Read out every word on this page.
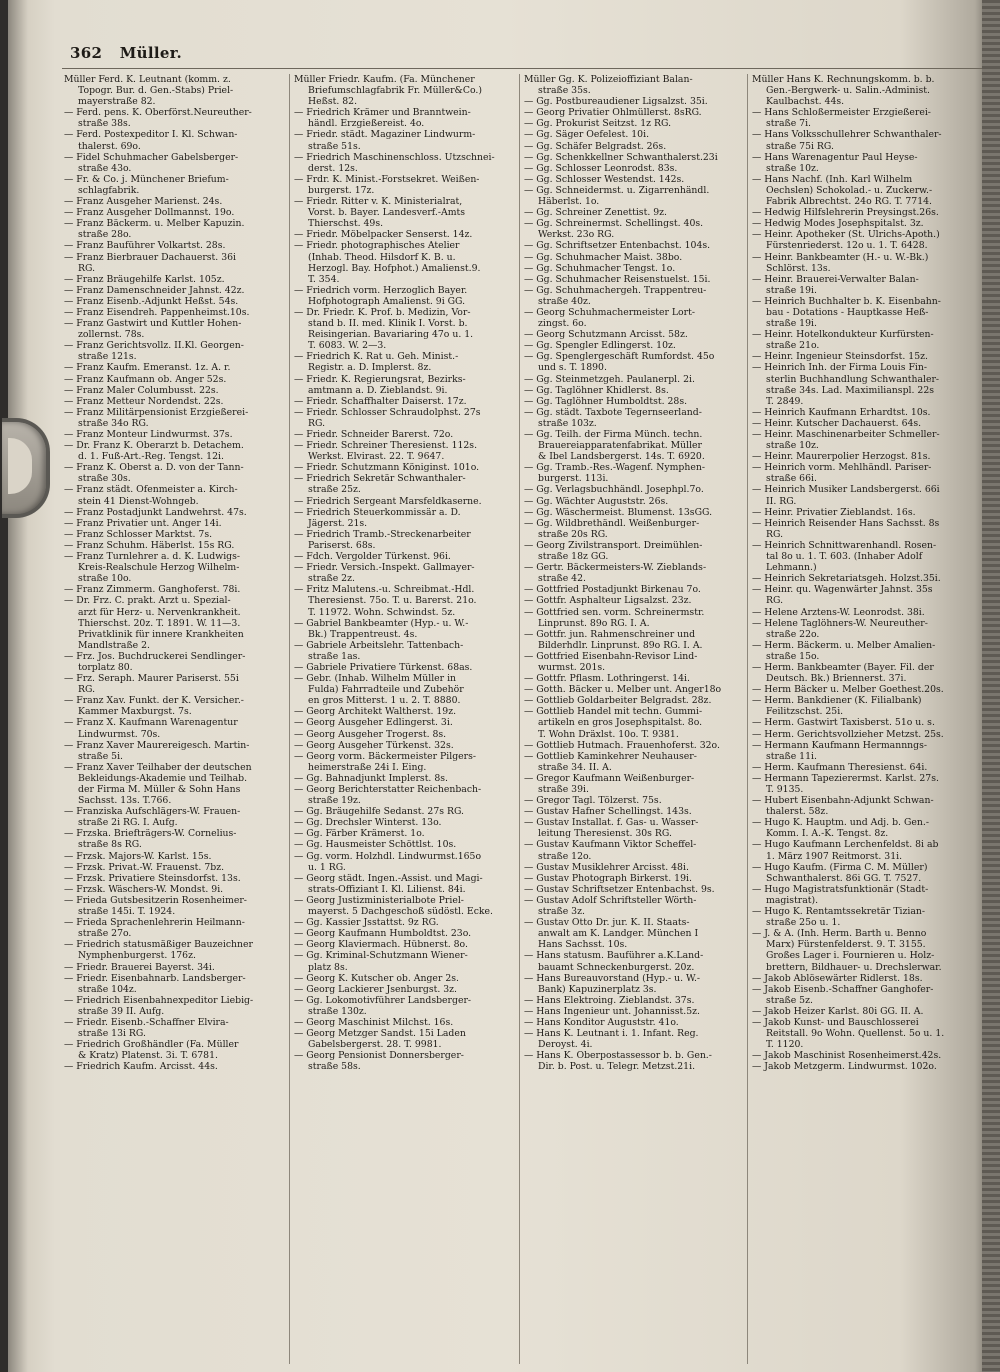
362 Müller.
Müller Ferd. K. Leutnant (komm. z.
Topogr. Bur. d. Gen.-Stabs) Priel-
mayerstraße 82.
— Ferd. pens. K. Oberförst.Neureuther-
straße 38s.
— Ferd. Postexpeditor I. Kl. Schwan-
thalerst. 69o.
— Fidel Schuhmacher Gabelsberger-
straße 43o.
— Fr. & Co. j. Münchener Briefum-
schlagfabrik.
— Franz Ausgeher Marienst. 24s.
— Franz Ausgeher Dollmannst. 19o.
— Franz Bäckerm. u. Melber Kapuzin.
straße 28o.
— Franz Bauführer Volkartst. 28s.
— Franz Bierbrauer Dachauerst. 36i
RG.
— Franz Bräugehilfe Karlst. 105z.
— Franz Damenschneider Jahnst. 42z.
— Franz Eisenb.-Adjunkt Heßst. 54s.
— Franz Eisendreh. Pappenheimst.10s.
— Franz Gastwirt und Kuttler Hohen-
zollernst. 78s.
— Franz Gerichtsvollz. II.Kl. Georgen-
straße 121s.
— Franz Kaufm. Emeranst. 1z. A. r.
— Franz Kaufmann ob. Anger 52s.
— Franz Maler Columbusst. 22s.
— Franz Metteur Nordendst. 22s.
— Franz Militärpensionist Erzgießerei-
straße 34o RG.
— Franz Monteur Lindwurmst. 37s.
— Dr. Franz K. Oberarzt b. Detachem.
d. 1. Fuß-Art.-Reg. Tengst. 12i.
— Franz K. Oberst a. D. von der Tann-
straße 30s.
— Franz städt. Ofenmeister a. Kirch-
stein 41 Dienst-Wohngeb.
— Franz Postadjunkt Landwehrst. 47s.
— Franz Privatier unt. Anger 14i.
— Franz Schlosser Marktst. 7s.
— Franz Schuhm. Häberlst. 15s RG.
— Franz Turnlehrer a. d. K. Ludwigs-
Kreis-Realschule Herzog Wilhelm-
straße 10o.
— Franz Zimmerm. Ganghoferst. 78i.
— Dr. Frz. C. prakt. Arzt u. Spezial-
arzt für Herz- u. Nervenkrankheit.
Thierschst. 20z. T. 1891. W. 11—3.
Privatklinik für innere Krankheiten
Mandlstraße 2.
— Frz. Jos. Buchdruckerei Sendlinger-
torplatz 80.
— Frz. Seraph. Maurer Pariserst. 55i
RG.
— Franz Xav. Funkt. der K. Versicher.-
Kammer Maxburgst. 7s.
— Franz X. Kaufmann Warenagentur
Lindwurmst. 70s.
— Franz Xaver Maurereigesch. Martin-
straße 5i.
— Franz Xaver Teilhaber der deutschen
Bekleidungs-Akademie und Teilhab.
der Firma M. Müller & Sohn Hans
Sachsst. 13s. T.766.
— Franziska Aufschlägers-W. Frauen-
straße 2i RG. I. Aufg.
— Frzska. Briefträgers-W. Cornelius-
straße 8s RG.
— Frzsk. Majors-W. Karlst. 15s.
— Frzsk. Privat.-W. Frauenst. 7bz.
— Frzsk. Privatiere Steinsdorfst. 13s.
— Frzsk. Wäschers-W. Mondst. 9i.
— Frieda Gutsbesitzerin Rosenheimer-
straße 145i. T. 1924.
— Frieda Sprachenlehrerin Heilmann-
straße 27o.
— Friedrich statusmäßiger Bauzeichner
Nymphenburgerst. 176z.
— Friedr. Brauerei Bayerst. 34i.
— Friedr. Eisenbahnarb. Landsberger-
straße 104z.
— Friedrich Eisenbahnexpeditor Liebig-
straße 39 II. Aufg.
— Friedr. Eisenb.-Schaffner Elvira-
straße 13i RG.
— Friedrich Großhändler (Fa. Müller
& Kratz) Platenst. 3i. T. 6781.
— Friedrich Kaufm. Arcisst. 44s.
Müller Friedr. Kaufm. (Fa. Münchener
Briefumschlagfabrik Fr. Müller&Co.)
Heßst. 82.
— Friedrich Krämer und Branntwein-
händl. Erzgießereist. 4o.
— Friedr. städt. Magaziner Lindwurm-
straße 51s.
— Friedrich Maschinenschloss. Utzschnei-
derst. 12s.
— Frdr. K. Minist.-Forstsekret. Weißen-
burgerst. 17z.
— Friedr. Ritter v. K. Ministerialrat,
Vorst. b. Bayer. Landesverf.-Amts
Thierschst. 49s.
— Friedr. Möbelpacker Senserst. 14z.
— Friedr. photographisches Atelier
(Inhab. Theod. Hilsdorf K. B. u.
Herzogl. Bay. Hofphot.) Amalienst.9.
T. 354.
— Friedrich vorm. Herzoglich Bayer.
Hofphotograph Amalienst. 9i GG.
— Dr. Friedr. K. Prof. b. Medizin, Vor-
stand b. II. med. Klinik I. Vorst. b.
Reisingerian. Bavariaring 47o u. 1.
T. 6083. W. 2—3.
— Friedrich K. Rat u. Geh. Minist.-
Registr. a. D. Implerst. 8z.
— Friedr. K. Regierungsrat, Bezirks-
amtmann a. D. Zieblandst. 9i.
— Friedr. Schaffhalter Daiserst. 17z.
— Friedr. Schlosser Schraudolphst. 27s
RG.
— Friedr. Schneider Barerst. 72o.
— Friedr. Schreiner Theresienst. 112s.
Werkst. Elvirast. 22. T. 9647.
— Friedr. Schutzmann Königinst. 101o.
— Friedrich Sekretär Schwanthaler-
straße 25z.
— Friedrich Sergeant Marsfeldkaserne.
— Friedrich Steuerkommissär a. D.
Jägerst. 21s.
— Friedrich Tramb.-Streckenarbeiter
Pariserst. 68s.
— Fdch. Vergolder Türkenst. 96i.
— Friedr. Versich.-Inspekt. Gallmayer-
straße 2z.
— Fritz Malutens.-u. Schreibmat.-Hdl.
Theresienst. 75o. T. u. Barerst. 21o.
T. 11972. Wohn. Schwindst. 5z.
— Gabriel Bankbeamter (Hyp.- u. W.-
Bk.) Trappentreust. 4s.
— Gabriele Arbeitslehr. Tattenbach-
straße 1as.
— Gabriele Privatiere Türkenst. 68as.
— Gebr. (Inhab. Wilhelm Müller in
Fulda) Fahrradteile und Zubehör
en gros Mitterst. 1 u. 2. T. 8880.
— Georg Architekt Waltherst. 19z.
— Georg Ausgeher Edlingerst. 3i.
— Georg Ausgeher Trogerst. 8s.
— Georg Ausgeher Türkenst. 32s.
— Georg vorm. Bäckermeister Pilgers-
heimerstraße 24i I. Eing.
— Gg. Bahnadjunkt Implerst. 8s.
— Georg Berichterstatter Reichenbach-
straße 19z.
— Gg. Bräugehilfe Sedanst. 27s RG.
— Gg. Drechsler Winterst. 13o.
— Gg. Färber Krämerst. 1o.
— Gg. Hausmeister Schöttlst. 10s.
— Gg. vorm. Holzhdl. Lindwurmst.165o
u. 1 RG.
— Georg städt. Ingen.-Assist. und Magi-
strats-Offiziant I. Kl. Lilienst. 84i.
— Georg Justizministerialbote Priel-
mayerst. 5 Dachgeschoß südöstl. Ecke.
— Gg. Kassier Jsstattst. 9z RG.
— Georg Kaufmann Humboldtst. 23o.
— Georg Klaviermach. Hübnerst. 8o.
— Gg. Kriminal-Schutzmann Wiener-
platz 8s.
— Georg K. Kutscher ob. Anger 2s.
— Georg Lackierer Jsenburgst. 3z.
— Gg. Lokomotivführer Landsberger-
straße 130z.
— Georg Maschinist Milchst. 16s.
— Georg Metzger Sandst. 15i Laden
Gabelsbergerst. 28. T. 9981.
— Georg Pensionist Donnersberger-
straße 58s.
Müller Gg. K. Polizeioffiziant Balan-
straße 35s.
— Gg. Postbureaudiener Ligsalzst. 35i.
— Georg Privatier Ohlmüllerst. 8sRG.
— Gg. Prokurist Seitzst. 1z RG.
— Gg. Säger Oefelest. 10i.
— Gg. Schäfer Belgradst. 26s.
— Gg. Schenkkellner Schwanthalerst.23i
— Gg. Schlosser Leonrodst. 83s.
— Gg. Schlosser Westendst. 142s.
— Gg. Schneidermst. u. Zigarrenhändl.
Häberlst. 1o.
— Gg. Schreiner Zenettist. 9z.
— Gg. Schreinermst. Schellingst. 40s.
Werkst. 23o RG.
— Gg. Schriftsetzer Entenbachst. 104s.
— Gg. Schuhmacher Maist. 38bo.
— Gg. Schuhmacher Tengst. 1o.
— Gg. Schuhmacher Reisenstuelst. 15i.
— Gg. Schuhmachergeh. Trappentreu-
straße 40z.
— Georg Schuhmachermeister Lort-
zingst. 6o.
— Georg Schutzmann Arcisst. 58z.
— Gg. Spengler Edlingerst. 10z.
— Gg. Spenglergeschäft Rumfordst. 45o
und s. T. 1890.
— Gg. Steinmetzgeh. Paulanerpl. 2i.
— Gg. Taglöhner Khidlerst. 8s.
— Gg. Taglöhner Humboldtst. 28s.
— Gg. städt. Taxbote Tegernseerland-
straße 103z.
— Gg. Teilh. der Firma Münch. techn.
Brauereiapparatenfabrikat. Müller
& Ibel Landsbergerst. 14s. T. 6920.
— Gg. Tramb.-Res.-Wagenf. Nymphen-
burgerst. 113i.
— Gg. Verlagsbuchhändl. Josephpl.7o.
— Gg. Wächter Auguststr. 26s.
— Gg. Wäschermeist. Blumenst. 13sGG.
— Gg. Wildbrethändl. Weißenburger-
straße 20s RG.
— Georg Zivilstransport. Dreimühlen-
straße 18z GG.
— Gertr. Bäckermeisters-W. Zieblands-
straße 42.
— Gottfried Postadjunkt Birkenau 7o.
— Gottfr. Asphalteur Ligsalzst. 23z.
— Gottfried sen. vorm. Schreinermstr.
Linprunst. 89o RG. I. A.
— Gottfr. jun. Rahmenschreiner und
Bilderhdlr. Linprunst. 89o RG. I. A.
— Gottfried Eisenbahn-Revisor Lind-
wurmst. 201s.
— Gottfr. Pflasm. Lothringerst. 14i.
— Gotth. Bäcker u. Melber unt. Anger18o
— Gottlieb Goldarbeiter Belgradst. 28z.
— Gottlieb Handel mit techn. Gummi-
artikeln en gros Josephspitalst. 8o.
T. Wohn Dräxlst. 10o. T. 9381.
— Gottlieb Hutmach. Frauenhoferst. 32o.
— Gottlieb Kaminkehrer Neuhauser-
straße 34. II. A.
— Gregor Kaufmann Weißenburger-
straße 39i.
— Gregor Tagl. Tölzerst. 75s.
— Gustav Hafner Schellingst. 143s.
— Gustav Installat. f. Gas- u. Wasser-
leitung Theresienst. 30s RG.
— Gustav Kaufmann Viktor Scheffel-
straße 12o.
— Gustav Musiklehrer Arcisst. 48i.
— Gustav Photograph Birkerst. 19i.
— Gustav Schriftsetzer Entenbachst. 9s.
— Gustav Adolf Schriftsteller Wörth-
straße 3z.
— Gustav Otto Dr. jur. K. II. Staats-
anwalt am K. Landger. München I
Hans Sachsst. 10s.
— Hans statusm. Bauführer a.K.Land-
bauamt Schneckenburgerst. 20z.
— Hans Bureauvorstand (Hyp.- u. W.-
Bank) Kapuzinerplatz 3s.
— Hans Elektroing. Zieblandst. 37s.
— Hans Ingenieur unt. Johannisst.5z.
— Hans Konditor Auguststr. 41o.
— Hans K. Leutnant i. 1. Infant. Reg.
Deroyst. 4i.
— Hans K. Oberpostassessor b. b. Gen.-
Dir. b. Post. u. Telegr. Metzst.21i.
Müller Hans K. Rechnungskomm. b. b.
Gen.-Bergwerk- u. Salin.-Administ.
Kaulbachst. 44s.
— Hans Schloßermeister Erzgießerei-
straße 7i.
— Hans Volksschullehrer Schwanthaler-
straße 75i RG.
— Hans Warenagentur Paul Heyse-
straße 10z.
— Hans Nachf. (Inh. Karl Wilhelm
Oechslen) Schokolad.- u. Zuckerw.-
Fabrik Albrechtst. 24o RG. T. 7714.
— Hedwig Hilfslehrerin Preysingst.26s.
— Hedwig Modes Josephspitalst. 3z.
— Heinr. Apotheker (St. Ulrichs-Apoth.)
Fürstenriederst. 12o u. 1. T. 6428.
— Heinr. Bankbeamter (H.- u. W.-Bk.)
Schlörst. 13s.
— Heinr. Brauerei-Verwalter Balan-
straße 19i.
— Heinrich Buchhalter b. K. Eisenbahn-
bau - Dotations - Hauptkasse Heß-
straße 19i.
— Heinr. Hotelkondukteur Kurfürsten-
straße 21o.
— Heinr. Ingenieur Steinsdorfst. 15z.
— Heinrich Inh. der Firma Louis Fin-
sterlin Buchhandlung Schwanthaler-
straße 34s. Lad. Maximilianspl. 22s
T. 2849.
— Heinrich Kaufmann Erhardtst. 10s.
— Heinr. Kutscher Dachauerst. 64s.
— Heinr. Maschinenarbeiter Schmeller-
straße 10z.
— Heinr. Maurerpolier Herzogst. 81s.
— Heinrich vorm. Mehlhändl. Pariser-
straße 66i.
— Heinrich Musiker Landsbergerst. 66i
II. RG.
— Heinr. Privatier Zieblandst. 16s.
— Heinrich Reisender Hans Sachsst. 8s
RG.
— Heinrich Schnittwarenhandl. Rosen-
tal 8o u. 1. T. 603. (Inhaber Adolf
Lehmann.)
— Heinrich Sekretariatsgeh. Holzst.35i.
— Heinr. qu. Wagenwärter Jahnst. 35s
RG.
— Helene Arztens-W. Leonrodst. 38i.
— Helene Taglöhners-W. Neureuther-
straße 22o.
— Herm. Bäckerm. u. Melber Amalien-
straße 15o.
— Herm. Bankbeamter (Bayer. Fil. der
Deutsch. Bk.) Briennerst. 37i.
— Herm Bäcker u. Melber Goethest.20s.
— Herm. Bankdiener (K. Filialbank)
Feilitzschst. 25i.
— Herm. Gastwirt Taxisberst. 51o u. s.
— Herm. Gerichtsvollzieher Metzst. 25s.
— Hermann Kaufmann Hermannngs-
straße 11i.
— Herm. Kaufmann Theresienst. 64i.
— Hermann Tapezierermst. Karlst. 27s.
T. 9135.
— Hubert Eisenbahn-Adjunkt Schwan-
thalerst. 58z.
— Hugo K. Hauptm. und Adj. b. Gen.-
Komm. I. A.-K. Tengst. 8z.
— Hugo Kaufmann Lerchenfeldst. 8i ab
1. März 1907 Reitmorst. 31i.
— Hugo Kaufm. (Firma C. M. Müller)
Schwanthalerst. 86i GG. T. 7527.
— Hugo Magistratsfunktionär (Stadt-
magistrat).
— Hugo K. Rentamtssekretär Tizian-
straße 25o u. 1.
— J. & A. (Inh. Herm. Barth u. Benno
Marx) Fürstenfelderst. 9. T. 3155.
Großes Lager i. Fournieren u. Holz-
brettern, Bildhauer- u. Drechslerwar.
— Jakob Ablösewärter Ridlerst. 18s.
— Jakob Eisenb.-Schaffner Ganghofer-
straße 5z.
— Jakob Heizer Karlst. 80i GG. II. A.
— Jakob Kunst- und Bauschlosserei
Reitstall. 9o Wohn. Quellenst. 5o u. 1.
T. 1120.
— Jakob Maschinist Rosenheimerst.42s.
— Jakob Metzgerm. Lindwurmst. 102o.
